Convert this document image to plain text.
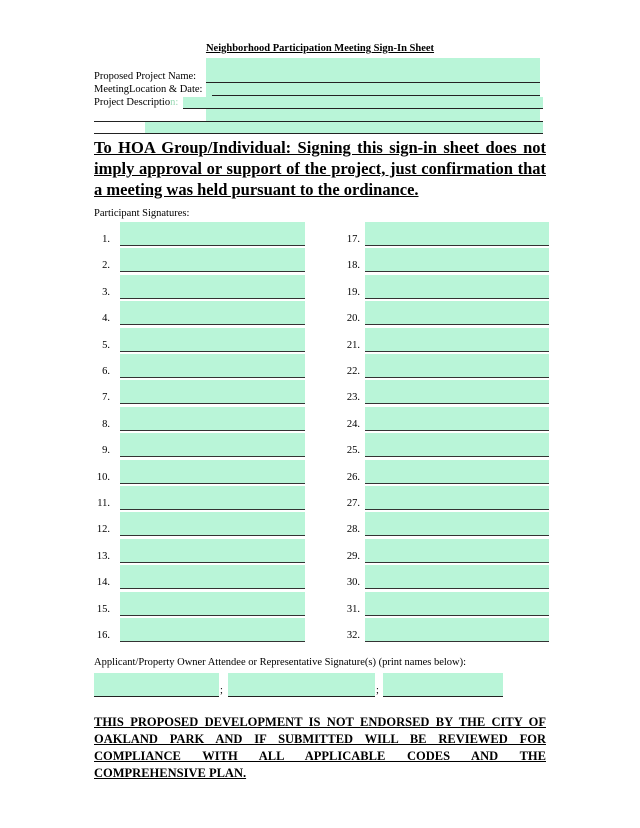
Neighborhood Participation Meeting Sign-In Sheet
Proposed Project Name:
MeetingLocation & Date:
Project Description:
To HOA Group/Individual: Signing this sign-in sheet does not imply approval or support of the project, just confirmation that a meeting was held pursuant to the ordinance.
Participant Signatures:
1.
2.
3.
4.
5.
6.
7.
8.
9.
10.
11.
12.
13.
14.
15.
16.
17.
18.
19.
20.
21.
22.
23.
24.
25.
26.
27.
28.
29.
30.
31.
32.
Applicant/Property Owner Attendee or Representative Signature(s) (print names below):
;	;
THIS PROPOSED DEVELOPMENT IS NOT ENDORSED BY THE CITY OF OAKLAND PARK AND IF SUBMITTED WILL BE REVIEWED FOR COMPLIANCE WITH ALL APPLICABLE CODES AND THE COMPREHENSIVE PLAN.
